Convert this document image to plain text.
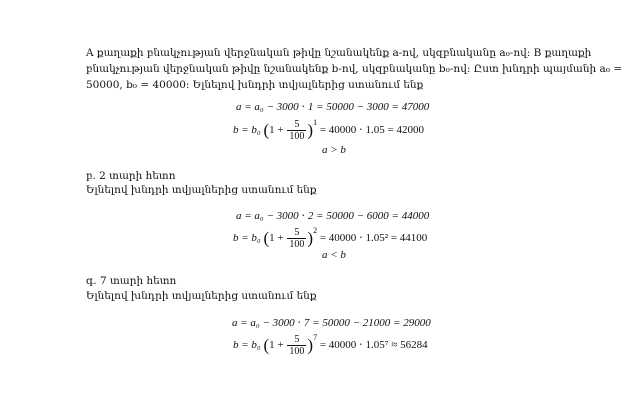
A քաղաքի բնակչության վերջնական թիվը նշանակենք a-ով, սկզբնականը a₀-ով: B քաղաքի
բնակչության վերջնական թիվը նշանակենք b-ով, սկզբնականը b₀-ով: Ըստ խնդրի պայմանի a₀ =
50000, b₀ = 40000: Ելնելով խնդրի տվյալներից ստանում ենք
a = a₀ − 3000 ⋅ 1 = 50000 − 3000 = 47000
b = b₀ $(1 + \frac{5}{100} )^1 = 40000 \cdot 1.05 = 42000$
a > b
բ. 2 տարի հետո
Ելնելով խնդրի տվյալներից ստանում ենք
a = a₀ − 3000 ⋅ 2 = 50000 − 6000 = 44000
b = b₀ $(1 + \frac{5}{100} )^2 = 40000 \cdot 1.05^2 = 44100$
a < b
գ. 7 տարի հետո
Ելնելով խնդրի տվյալներից ստանում ենք
a = a₀ − 3000 ⋅ 7 = 50000 − 21000 = 29000
b = b₀ $(1 + \frac{5}{100} )^7 = 40000 \cdot 1.05^7 \approx 56284$
